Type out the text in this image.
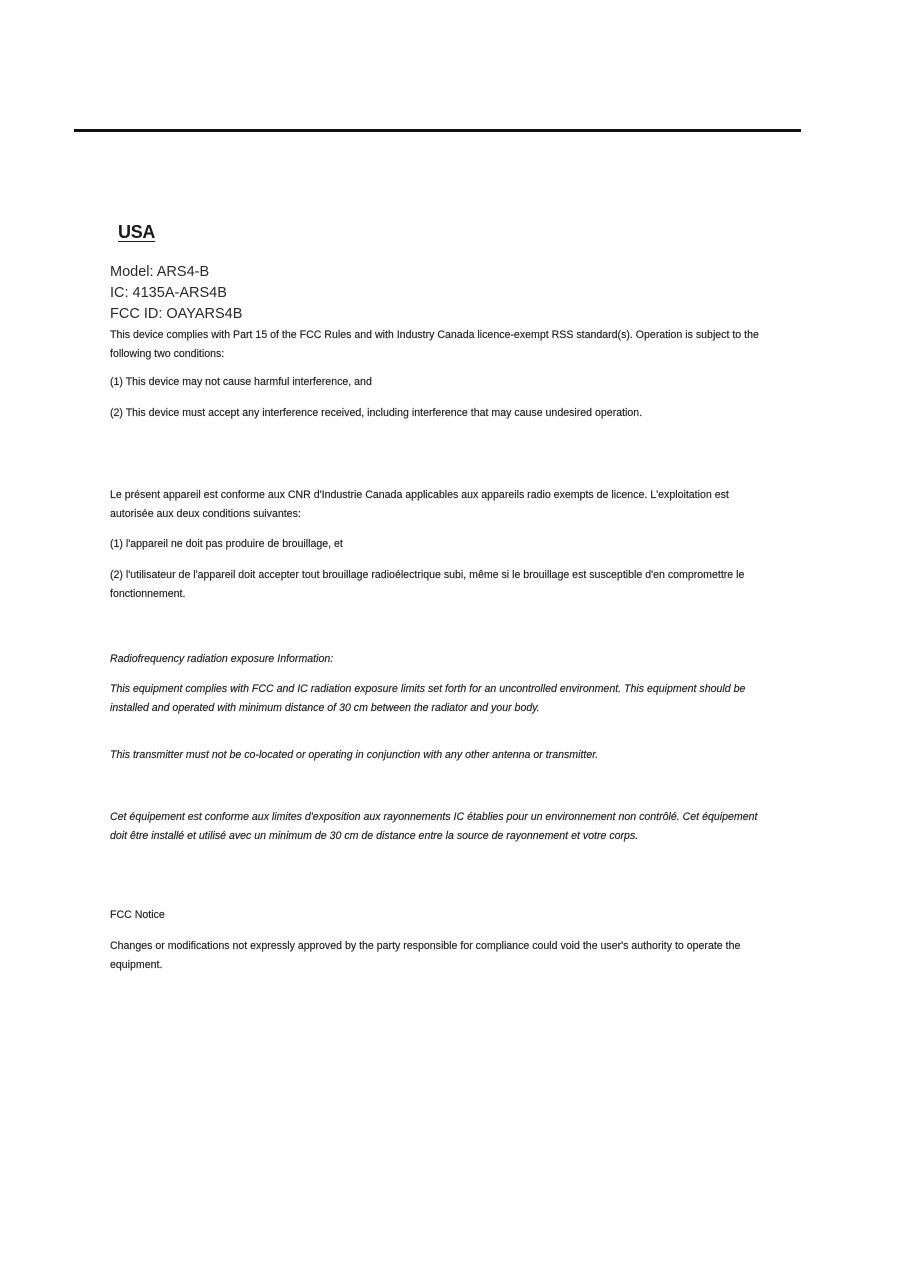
USA
Model: ARS4-B
IC: 4135A-ARS4B
FCC ID: OAYARS4B

This device complies with Part 15 of the FCC Rules and with Industry Canada licence-exempt RSS standard(s). Operation is subject to the following two conditions:

(1) This device may not cause harmful interference, and

(2) This device must accept any interference received, including interference that may cause undesired operation.

Le présent appareil est conforme aux CNR d'Industrie Canada applicables aux appareils radio exempts de licence. L'exploitation est autorisée aux deux conditions suivantes:

(1) l'appareil ne doit pas produire de brouillage, et

(2) l'utilisateur de l'appareil doit accepter tout brouillage radioélectrique subi, même si le brouillage est susceptible d'en compromettre le fonctionnement.

Radiofrequency radiation exposure Information:

This equipment complies with FCC and IC radiation exposure limits set forth for an uncontrolled environment. This equipment should be installed and operated with minimum distance of 30 cm between the radiator and your body.

This transmitter must not be co-located or operating in conjunction with any other antenna or transmitter.

Cet équipement est conforme aux limites d'exposition aux rayonnements IC établies pour un environnement non contrôlé. Cet équipement doit être installé et utilisé avec un minimum de 30 cm de distance entre la source de rayonnement et votre corps.

FCC Notice

Changes or modifications not expressly approved by the party responsible for compliance could void the user's authority to operate the equipment.
